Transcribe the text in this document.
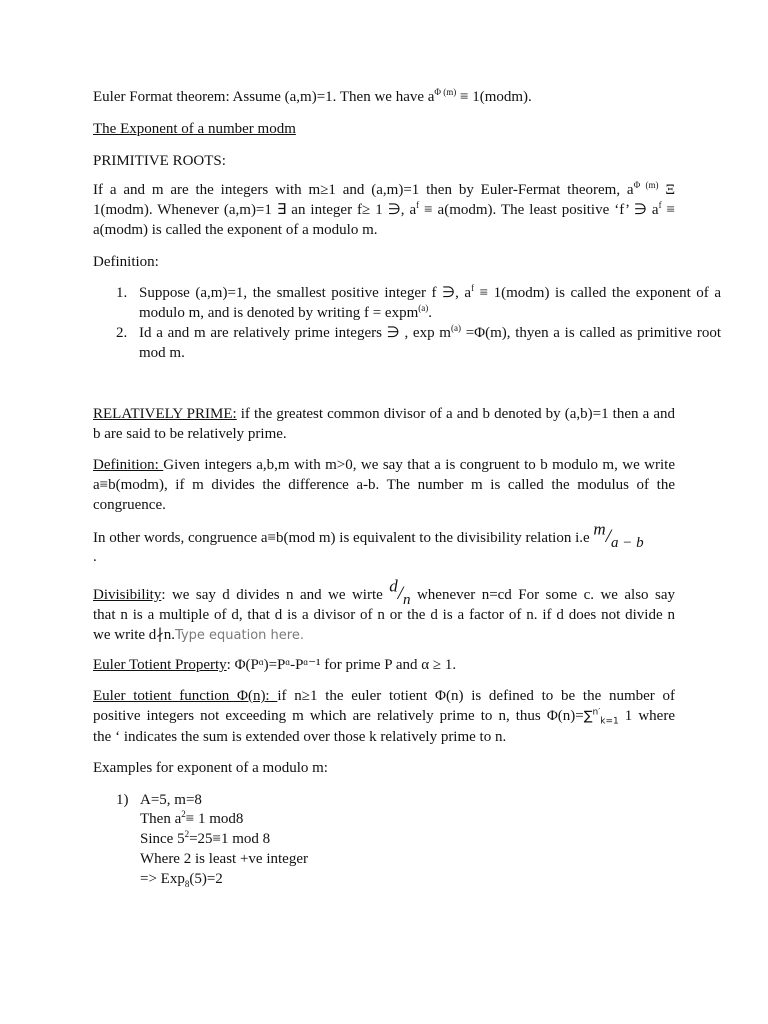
Euler Format theorem: Assume (a,m)=1. Then we have $a^{\Phi (m)}$ ≡ 1(modm).
The Exponent of a number modm
PRIMITIVE ROOTS:
If a and m are the integers with m≥1 and (a,m)=1 then by Euler-Fermat theorem, $a^{\Phi (m)}$ Ξ
1(modm). Whenever (a,m)=1 ∃ an integer f≥ 1 ∋, $a^f$ ≡ a(modm). The least positive ‘f’ ∋ $a^f$ ≡
a(modm) is called the exponent of a modulo m.
Definition:
1. Suppose (a,m)=1, the smallest positive integer f ∋, $a^f$ ≡ 1(modm) is called the exponent of a modulo m, and is denoted by writing f = expm$^{(a)}$.
2. Id a and m are relatively prime integers ∋ , $\exp m^{(a)} =\Phi(m)$, thyen a is called as primitive root mod m.
RELATIVELY PRIME: if the greatest common divisor of a and b denoted by (a,b)=1 then a and b are said to be relatively prime.
Definition: Given integers a,b,m with m>0, we say that a is congruent to b modulo m, we write a≡b(modm), if m divides the difference a-b. The number m is called the modulus of the congruence.
In other words, congruence a≡b(mod m) is equivalent to the divisibility relation i.e $^m/_{a - b}$
.
Divisibility: we say d divides n and we wirte $^d/_n$ whenever n=cd For some c. we also say
that n is a multiple of d, that d is a divisor of n or the d is a factor of n. if d does not divide n
we write d∤n.Type equation here.
Euler Totient Property: Φ(Pᵅ)=Pᵅ-Pᵅ⁻¹ for prime P and α ≥ 1.
Euler totient function Φ(n): if n≥1 the euler totient Φ(n) is defined to be the number of
positive integers not exceeding m which are relatively prime to n, thus Φ(n)=∑$^{n'}_{k=1}$ 1 where
the ‘ indicates the sum is extended over those k relatively prime to n.
Examples for exponent of a modulo m:
1) A=5, m=8
Then $a^2\equiv 1$ mod8
Since $5^2=25\equiv 1$ mod 8
Where 2 is least +ve integer
=> Exp$_8$(5)=2
